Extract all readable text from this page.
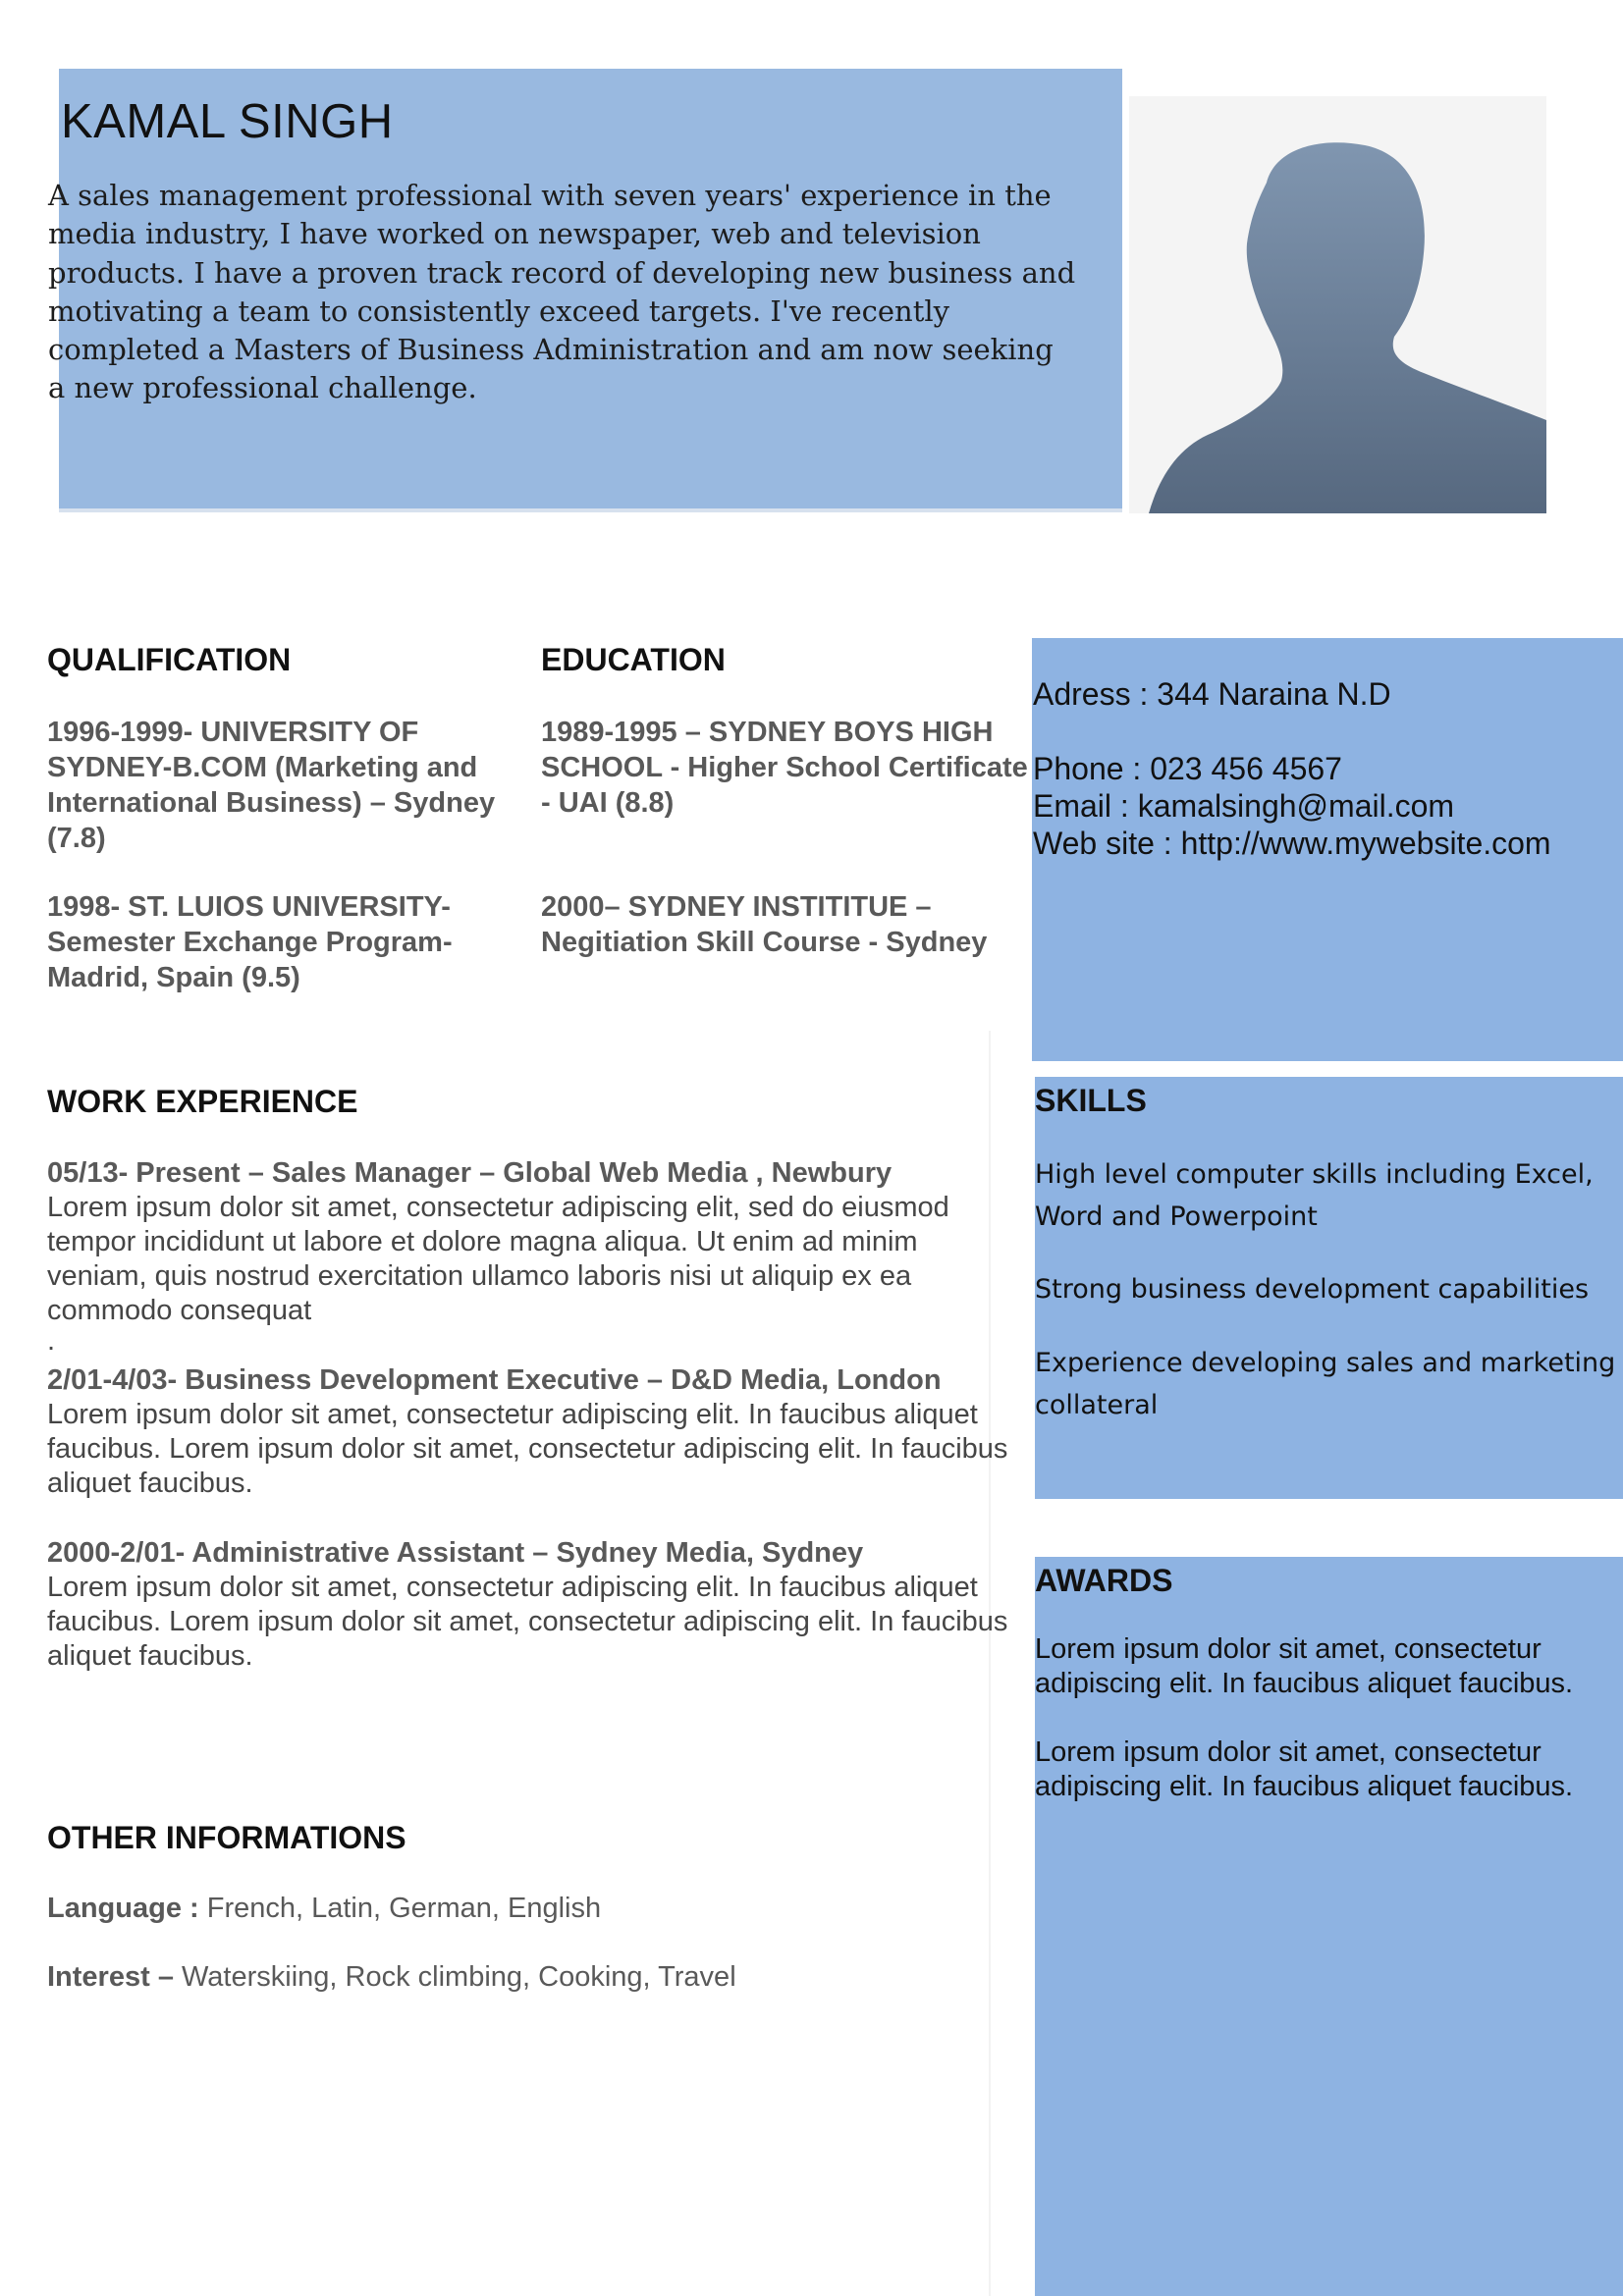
KAMAL SINGH
A sales management professional with seven years' experience in the media industry, I have worked on newspaper, web and television products. I have a proven track record of developing new business and motivating a team to consistently exceed targets. I've recently completed a Masters of Business Administration and am now seeking a new professional challenge.
QUALIFICATION
1996-1999- UNIVERSITY OF SYDNEY-B.COM (Marketing and International Business) – Sydney (7.8)
1998- ST. LUIOS UNIVERSITY- Semester Exchange Program- Madrid, Spain (9.5)
EDUCATION
1989-1995 – SYDNEY BOYS HIGH SCHOOL - Higher School Certificate - UAI (8.8)
2000– SYDNEY INSTITITUE – Negitiation Skill Course - Sydney
Adress : 344 Naraina N.D
Phone : 023 456 4567
Email : kamalsingh@mail.com
Web site : http://www.mywebsite.com
WORK EXPERIENCE
05/13- Present – Sales Manager – Global Web Media , Newbury
Lorem ipsum dolor sit amet, consectetur adipiscing elit, sed do eiusmod tempor incididunt ut labore et dolore magna aliqua. Ut enim ad minim veniam, quis nostrud exercitation ullamco laboris nisi ut aliquip ex ea commodo consequat
.
2/01-4/03- Business Development Executive – D&D Media, London
Lorem ipsum dolor sit amet, consectetur adipiscing elit. In faucibus aliquet faucibus. Lorem ipsum dolor sit amet, consectetur adipiscing elit. In faucibus aliquet faucibus.
2000-2/01- Administrative Assistant – Sydney Media, Sydney
Lorem ipsum dolor sit amet, consectetur adipiscing elit. In faucibus aliquet faucibus. Lorem ipsum dolor sit amet, consectetur adipiscing elit. In faucibus aliquet faucibus.
SKILLS
High level computer skills including Excel, Word and Powerpoint
Strong business development capabilities
Experience developing sales and marketing collateral
AWARDS
Lorem ipsum dolor sit amet, consectetur adipiscing elit. In faucibus aliquet faucibus.
Lorem ipsum dolor sit amet, consectetur adipiscing elit. In faucibus aliquet faucibus.
OTHER INFORMATIONS
Language : French, Latin, German, English
Interest – Waterskiing, Rock climbing, Cooking, Travel
